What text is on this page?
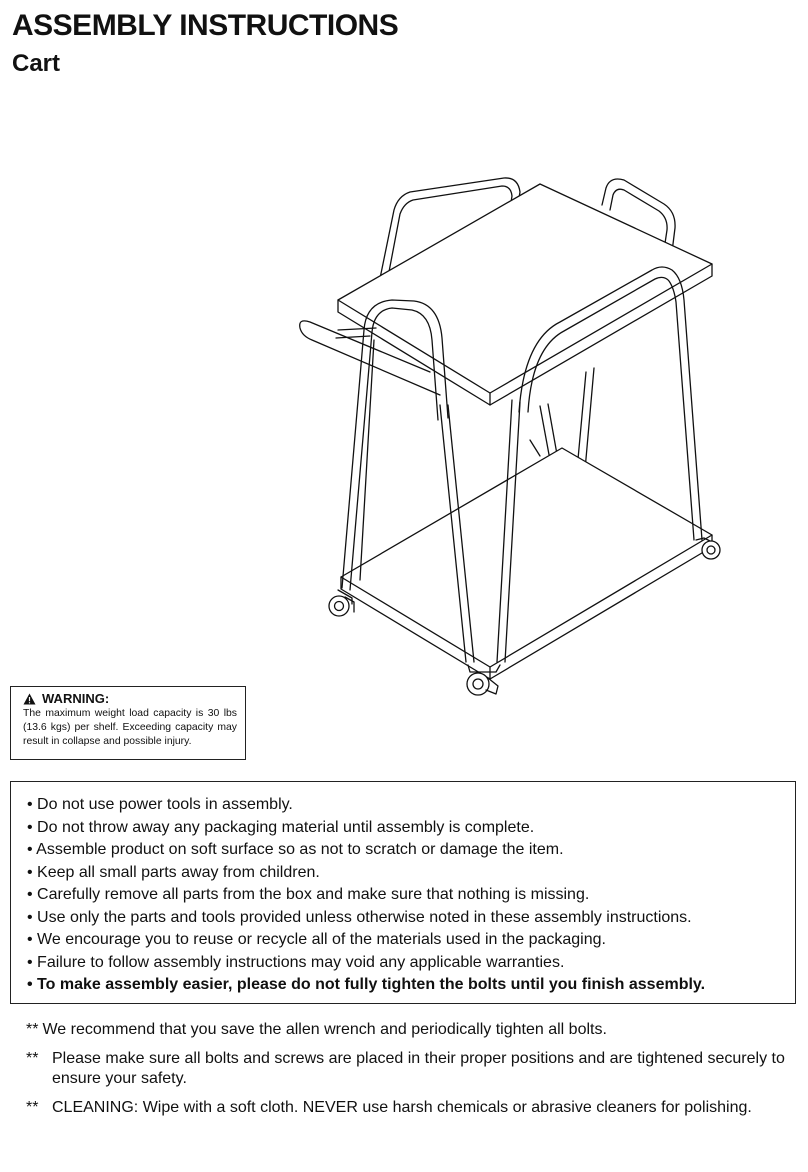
ASSEMBLY INSTRUCTIONS
Cart
WARNING:
The maximum weight load capacity is 30 lbs (13.6 kgs) per shelf. Exceeding capacity may result in collapse and possible injury.
• Do not use power tools in assembly.
• Do not throw away any packaging material until assembly is complete.
• Assemble product on soft surface so as not to scratch or damage the item.
• Keep all small parts away from children.
• Carefully remove all parts from the box and make sure that nothing is missing.
• Use only the parts and tools provided unless otherwise noted in these assembly instructions.
• We encourage you to reuse or recycle all of the materials used in the packaging.
• Failure to follow assembly instructions may void any applicable warranties.
• To make assembly easier, please do not fully tighten the bolts until you finish assembly.
** We recommend that you save the allen wrench and periodically tighten all bolts.
** Please make sure all bolts and screws are placed in their proper positions and are tightened securely to ensure your safety.
** CLEANING: Wipe with a soft cloth. NEVER use harsh chemicals or abrasive cleaners for polishing.
